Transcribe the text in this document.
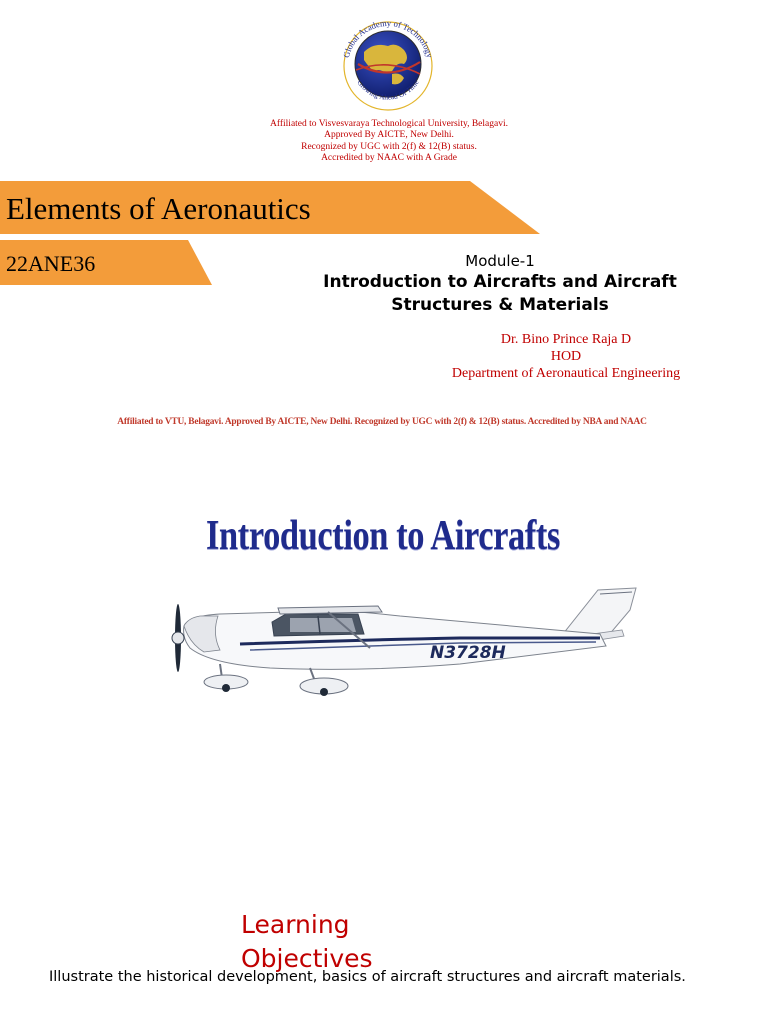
Global Academy of Technology
Growing Ahead Of Time
Affiliated to Visvesvaraya Technological University, Belagavi.
Approved By AICTE, New Delhi.
Recognized by UGC with 2(f) & 12(B) status.
Accredited by NAAC with A Grade
Elements of Aeronautics
22ANE36	Module-1
Introduction to Aircrafts and Aircraft Structures & Materials
Dr. Bino Prince Raja D
HOD
Department of Aeronautical Engineering
Affiliated to VTU, Belagavi. Approved By AICTE, New Delhi. Recognized by UGC with 2(f) & 12(B) status. Accredited by NBA and NAAC
Introduction to Aircrafts
N3728H
Learning Objectives
Illustrate the historical development, basics of aircraft structures and aircraft materials.
